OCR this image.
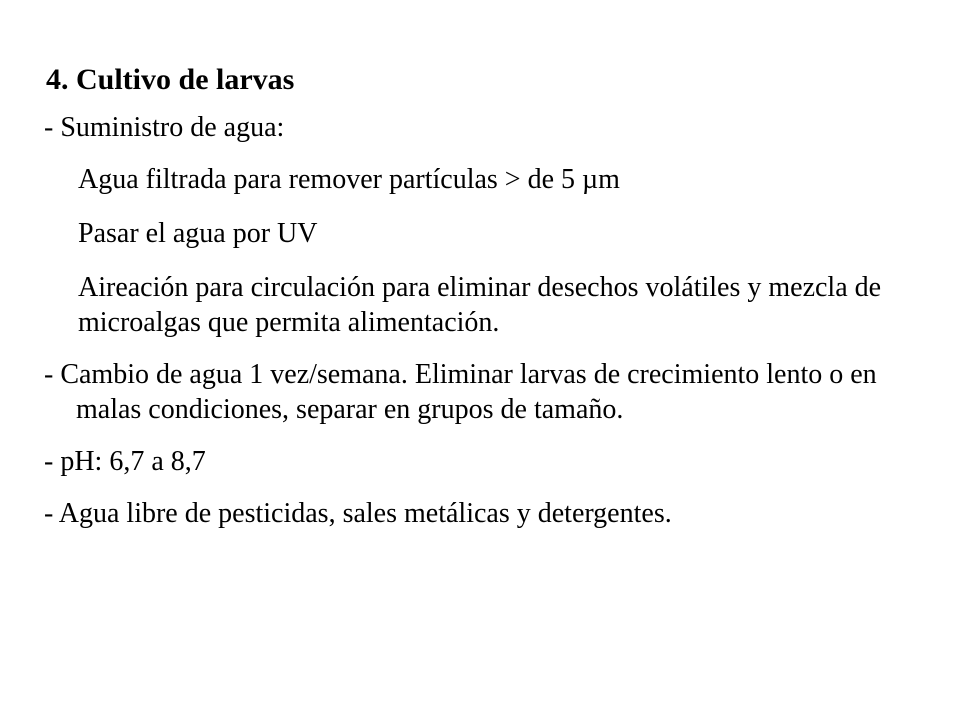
4. Cultivo de larvas

- Suministro de agua:

Agua filtrada para remover partículas > de 5 µm

Pasar el agua por UV

Aireación para circulación para eliminar desechos volátiles y mezcla de microalgas que permita alimentación.

- Cambio de agua 1 vez/semana. Eliminar larvas de crecimiento lento o en malas condiciones, separar en grupos de tamaño.

- pH: 6,7 a 8,7

- Agua libre de pesticidas, sales metálicas y detergentes.
